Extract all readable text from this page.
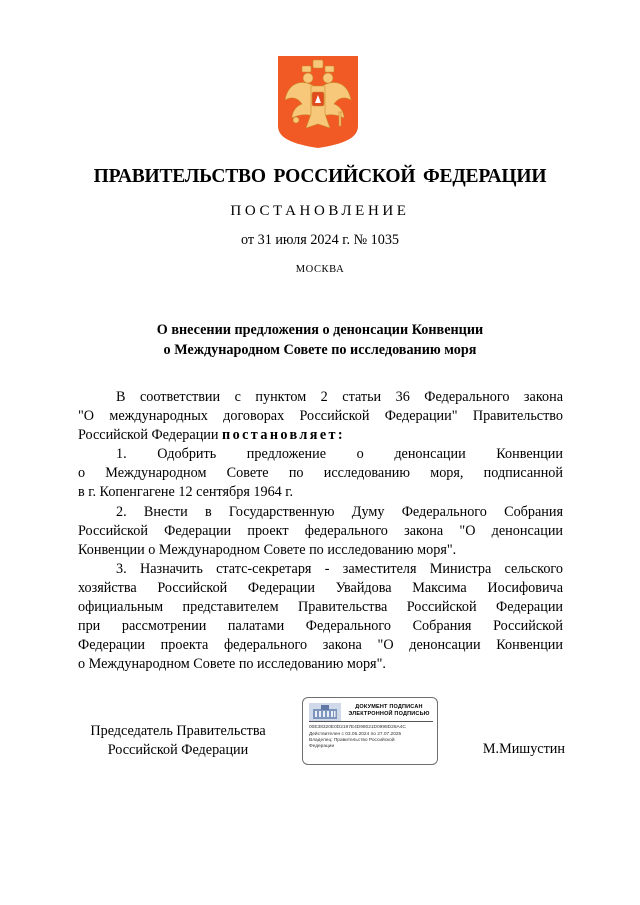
ПРАВИТЕЛЬСТВО РОССИЙСКОЙ ФЕДЕРАЦИИ
ПОСТАНОВЛЕНИЕ
от 31 июля 2024 г. № 1035
МОСКВА
О внесении предложения о денонсации Конвенции
о Международном Совете по исследованию моря
В соответствии с пунктом 2 статьи 36 Федерального закона
"О международных договорах Российской Федерации" Правительство
Российской Федерации постановляет:
1. Одобрить предложение о денонсации Конвенции
о Международном Совете по исследованию моря, подписанной
в г. Копенгагене 12 сентября 1964 г.
2. Внести в Государственную Думу Федерального Собрания
Российской Федерации проект федерального закона "О денонсации
Конвенции о Международном Совете по исследованию моря".
3. Назначить статс-секретаря - заместителя Министра сельского
хозяйства Российской Федерации Увайдова Максима Иосифовича
официальным представителем Правительства Российской Федерации
при рассмотрении палатами Федерального Собрания Российской
Федерации проекта федерального закона "О денонсации Конвенции
о Международном Совете по исследованию моря".
Председатель Правительства
Российской Федерации
ДОКУМЕНТ ПОДПИСАН
ЭЛЕКТРОННОЙ ПОДПИСЬЮ
00E38320E0D2197E4D98021D0998D28A4C
Действителен с 03.05.2024 по 27.07.2025
Владелец: Правительство Российской
Федерации	М.Мишустин
